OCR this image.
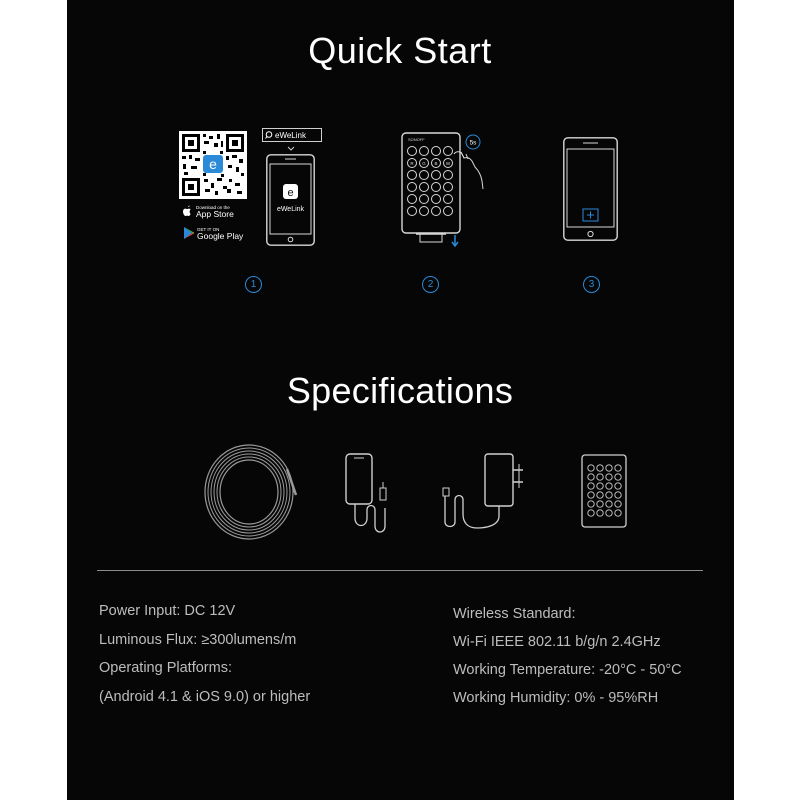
Quick Start
e
Download on the
App Store
GET IT ON
Google Play
eWeLink
e
eWeLink
SONOFF
R G B W
5s
1	2	3
Specifications
Power Input: DC 12V
Luminous Flux: ≥300lumens/m
Operating Platforms:
(Android 4.1 & iOS 9.0) or higher
Wireless Standard:
Wi-Fi IEEE 802.11 b/g/n 2.4GHz
Working Temperature: -20°C - 50°C
Working Humidity: 0% - 95%RH
